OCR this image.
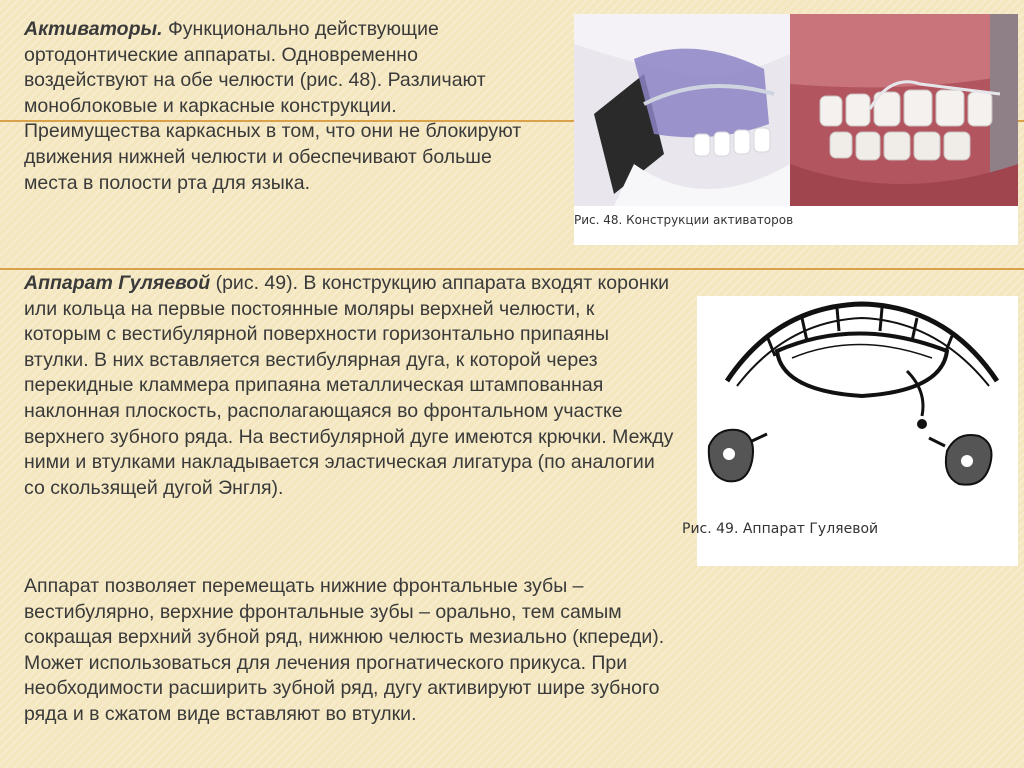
Активаторы. Функционально действующие ортодонтические аппараты. Одновременно воздействуют на обе челюсти (рис. 48). Различают моноблоковые и каркасные конструкции. Преимущества каркасных в том, что они не блокируют движения нижней челюсти и обеспечивают больше места в полости рта для языка.

Аппарат Гуляевой (рис. 49). В конструкцию аппарата входят коронки или кольца на первые постоянные моляры верхней челюсти, к которым с вестибулярной поверхности горизонтально припаяны втулки. В них вставляется вестибулярная дуга, к которой через перекидные кламмера припаяна металлическая штампованная наклонная плоскость, располагающаяся во фронтальном участке верхнего зубного ряда. На вестибулярной дуге имеются крючки. Между ними и втулками накладывается эластическая лигатура (по аналогии со скользящей дугой Энгля).

Аппарат позволяет перемещать нижние фронтальные зубы – вестибулярно, верхние фронтальные зубы – орально, тем самым сокращая верхний зубной ряд, нижнюю челюсть мезиально (кпереди). Может использоваться для лечения прогнатического прикуса. При необходимости расширить зубной ряд, дугу активируют шире зубного ряда и в сжатом виде вставляют во втулки.

Рис. 48. Конструкции активаторов
Рис. 49. Аппарат Гуляевой
